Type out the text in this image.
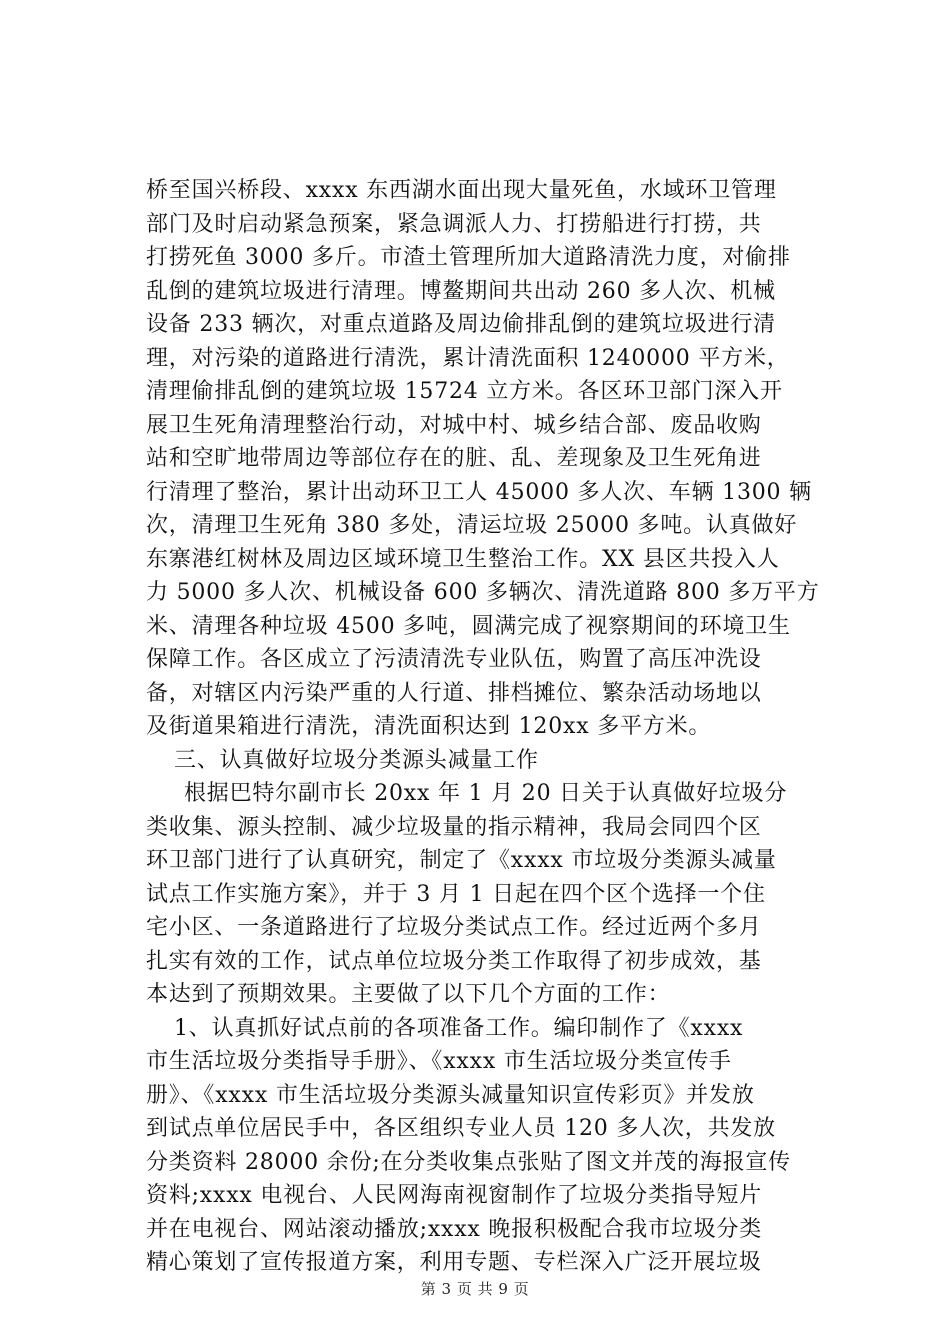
桥至国兴桥段、xxxx 东西湖水面出现大量死鱼，水域环卫管理
部门及时启动紧急预案，紧急调派人力、打捞船进行打捞，共
打捞死鱼 3000 多斤。市渣土管理所加大道路清洗力度，对偷排
乱倒的建筑垃圾进行清理。博鳌期间共出动 260 多人次、机械
设备 233 辆次，对重点道路及周边偷排乱倒的建筑垃圾进行清
理，对污染的道路进行清洗，累计清洗面积 1240000 平方米，
清理偷排乱倒的建筑垃圾 15724 立方米。各区环卫部门深入开
展卫生死角清理整治行动，对城中村、城乡结合部、废品收购
站和空旷地带周边等部位存在的脏、乱、差现象及卫生死角进
行清理了整治，累计出动环卫工人 45000 多人次、车辆 1300 辆
次，清理卫生死角 380 多处，清运垃圾 25000 多吨。认真做好
东寨港红树林及周边区域环境卫生整治工作。XX 县区共投入人
力 5000 多人次、机械设备 600 多辆次、清洗道路 800 多万平方
米、清理各种垃圾 4500 多吨，圆满完成了视察期间的环境卫生
保障工作。各区成立了污渍清洗专业队伍，购置了高压冲洗设
备，对辖区内污染严重的人行道、排档摊位、繁杂活动场地以
及街道果箱进行清洗，清洗面积达到 120xx 多平方米。
三、认真做好垃圾分类源头减量工作
根据巴特尔副市长 20xx 年 1 月 20 日关于认真做好垃圾分
类收集、源头控制、减少垃圾量的指示精神，我局会同四个区
环卫部门进行了认真研究，制定了《xxxx 市垃圾分类源头减量
试点工作实施方案》，并于 3 月 1 日起在四个区个选择一个住
宅小区、一条道路进行了垃圾分类试点工作。经过近两个多月
扎实有效的工作，试点单位垃圾分类工作取得了初步成效，基
本达到了预期效果。主要做了以下几个方面的工作：
1、认真抓好试点前的各项准备工作。编印制作了《xxxx
市生活垃圾分类指导手册》、《xxxx 市生活垃圾分类宣传手
册》、《xxxx 市生活垃圾分类源头减量知识宣传彩页》并发放
到试点单位居民手中，各区组织专业人员 120 多人次，共发放
分类资料 28000 余份;在分类收集点张贴了图文并茂的海报宣传
资料;xxxx 电视台、人民网海南视窗制作了垃圾分类指导短片
并在电视台、网站滚动播放;xxxx 晚报积极配合我市垃圾分类
精心策划了宣传报道方案，利用专题、专栏深入广泛开展垃圾
第 3 页 共 9 页
